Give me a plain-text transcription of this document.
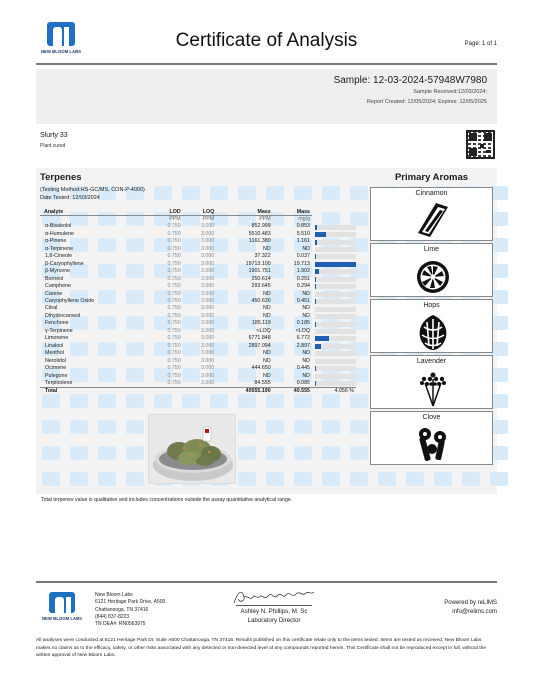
NEW BLOOM LABS
Certificate of Analysis	Page: 1 of 1
Sample: 12-03-2024-57948W7980
Sample Received:12/03/2024;
Report Created: 12/05/2024; Expires: 12/05/2025
Slurty 33
Plant cured
Terpenes
(Testing Method:HS-GC/MS, CON-P-4000)
Date Tested: 12/03/2024
Analyte	LOD	LOQ	Mass	Mass	
	PPM	PPM	PPM	mg/g	
α-Bisabolol	0.750	3.000	852.999	0.853	

α-Humulene	0.750	3.000	5510.483	5.510	

α-Pinene	0.750	3.000	1161.380	1.161	

α-Terpinene	0.750	3.000	ND	ND	

1,8-Cineole	0.750	3.000	37.322	0.037	

β-Caryophyllene	0.750	3.000	19713.100	19.713	

β-Myrcene	0.750	3.000	1901.751	1.902	

Borneol	0.750	3.000	250.614	0.251	

Camphene	0.750	3.000	293.645	0.294	

Carene	0.750	3.000	ND	ND	

Caryophyllene Oxide	0.750	3.000	450.630	0.451	

Citral	0.750	3.000	ND	ND	

Dihydrocarveol	0.750	3.000	ND	ND	

Fenchone	0.750	3.000	185.119	0.185	

γ-Terpinene	0.750	3.000	<LOQ	<LOQ	

Limonene	0.750	3.000	6771.848	6.772	

Linalool	0.750	3.000	2897.094	2.897	

Menthol	0.750	3.000	ND	ND	

Nerolidol	0.750	3.000	ND	ND	

Ocimene	0.750	3.000	444.650	0.445	

Pulegone	0.750	3.000	ND	ND	

Terpinolene	0.750	3.000	84.555	0.085	

Total			40555.190	40.555	4.056 %
Primary Aromas
Cinnamon
Lime
Hops
Lavender
Clove
Total terpenes value is qualitative and includes concentrations outside the assay quantitative analytical range.
NEW BLOOM LABS
New Bloom Labs
6121 Heritage Park Drive, A500
Chattanooga, TN 37416
(844) 837-8223
TN DEA#: RN0563975
Ashley N. Phillips, M. Sc
Laboratory Director
Powered by reLIMS
info@relims.com
All analyses were conducted at 6121 Heritage Park Dr, Suite A500 Chattanooga, TN 37416. Results published on this certificate relate only to the items tested. Items are tested as received. New Bloom Labs makes no claims as to the efficacy, safety, or other risks associated with any detected or non-detected level of any compounds reported herein. This Certificate shall not be reproduced except in full, without the written approval of New Bloom Labs.
